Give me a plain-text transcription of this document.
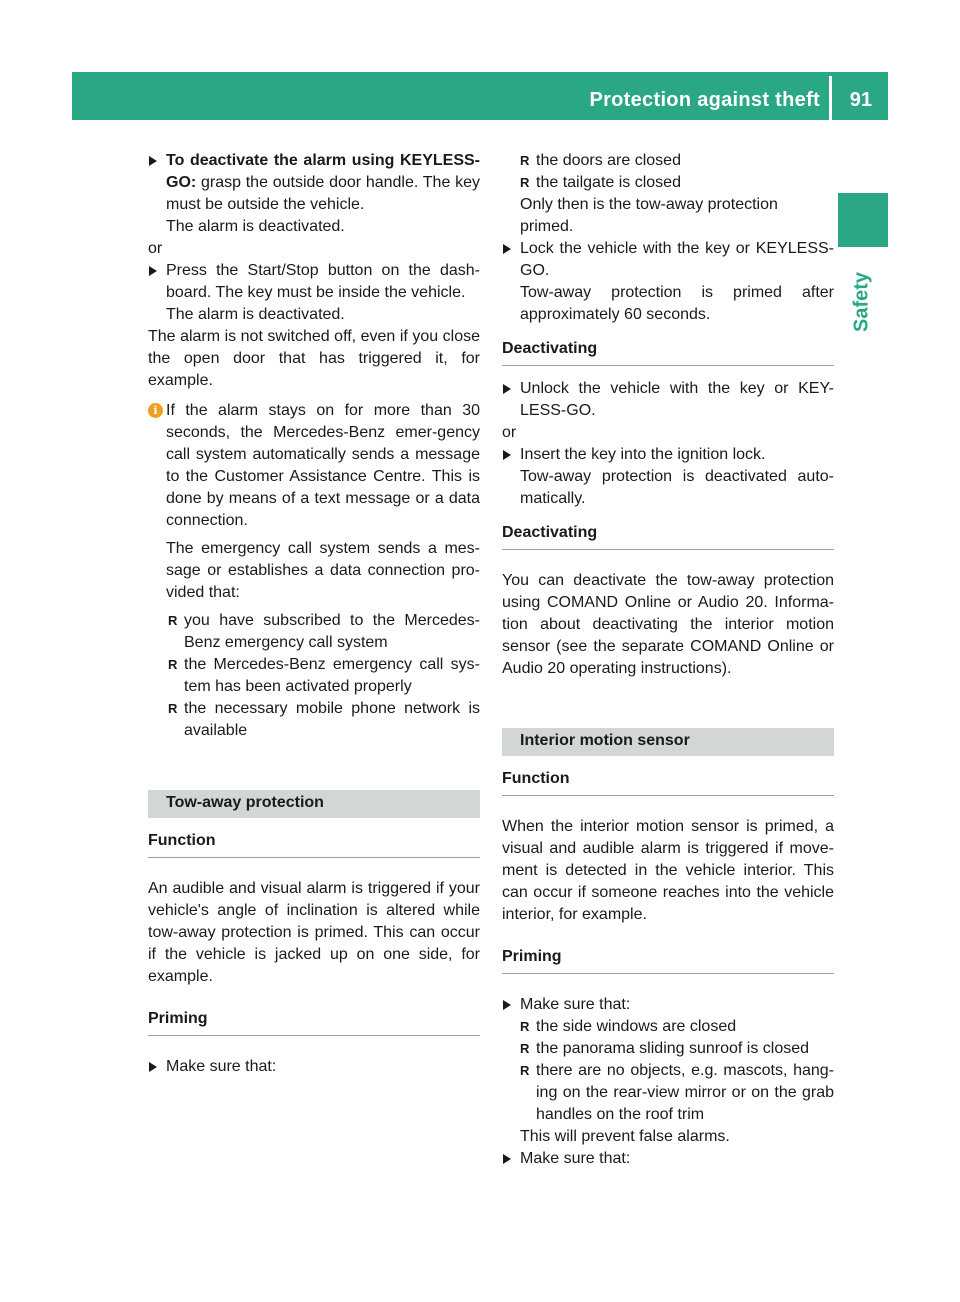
Protection against theft 91
Safety

To deactivate the alarm using KEYLESS-GO: grasp the outside door handle. The key must be outside the vehicle.

The alarm is deactivated.

or

Press the Start/Stop button on the dash-board. The key must be inside the vehicle.

The alarm is deactivated.

The alarm is not switched off, even if you close the open door that has triggered it, for example.

i If the alarm stays on for more than 30 seconds, the Mercedes-Benz emer-gency call system automatically sends a message to the Customer Assistance Centre. This is done by means of a text message or a data connection.

The emergency call system sends a mes-sage or establishes a data connection pro-vided that:

R you have subscribed to the Mercedes-Benz emergency call system
R the Mercedes-Benz emergency call sys-tem has been activated properly
R the necessary mobile phone network is available
Tow-away protection
Function

An audible and visual alarm is triggered if your vehicle's angle of inclination is altered while tow-away protection is primed. This can occur if the vehicle is jacked up on one side, for example.

Priming

Make sure that:

R the doors are closed
R the tailgate is closed

Only then is the tow-away protection primed.

Lock the vehicle with the key or KEYLESS-GO.

Tow-away protection is primed after approximately 60 seconds.

Deactivating

Unlock the vehicle with the key or KEY-LESS-GO.

or

Insert the key into the ignition lock.

Tow-away protection is deactivated auto-matically.

Deactivating

You can deactivate the tow-away protection using COMAND Online or Audio 20. Informa-tion about deactivating the interior motion sensor (see the separate COMAND Online or Audio 20 operating instructions).

Interior motion sensor
Function

When the interior motion sensor is primed, a visual and audible alarm is triggered if move-ment is detected in the vehicle interior. This can occur if someone reaches into the vehicle interior, for example.

Priming

Make sure that:

R the side windows are closed
R the panorama sliding sunroof is closed
R there are no objects, e.g. mascots, hang-ing on the rear-view mirror or on the grab handles on the roof trim

This will prevent false alarms.

Make sure that:
